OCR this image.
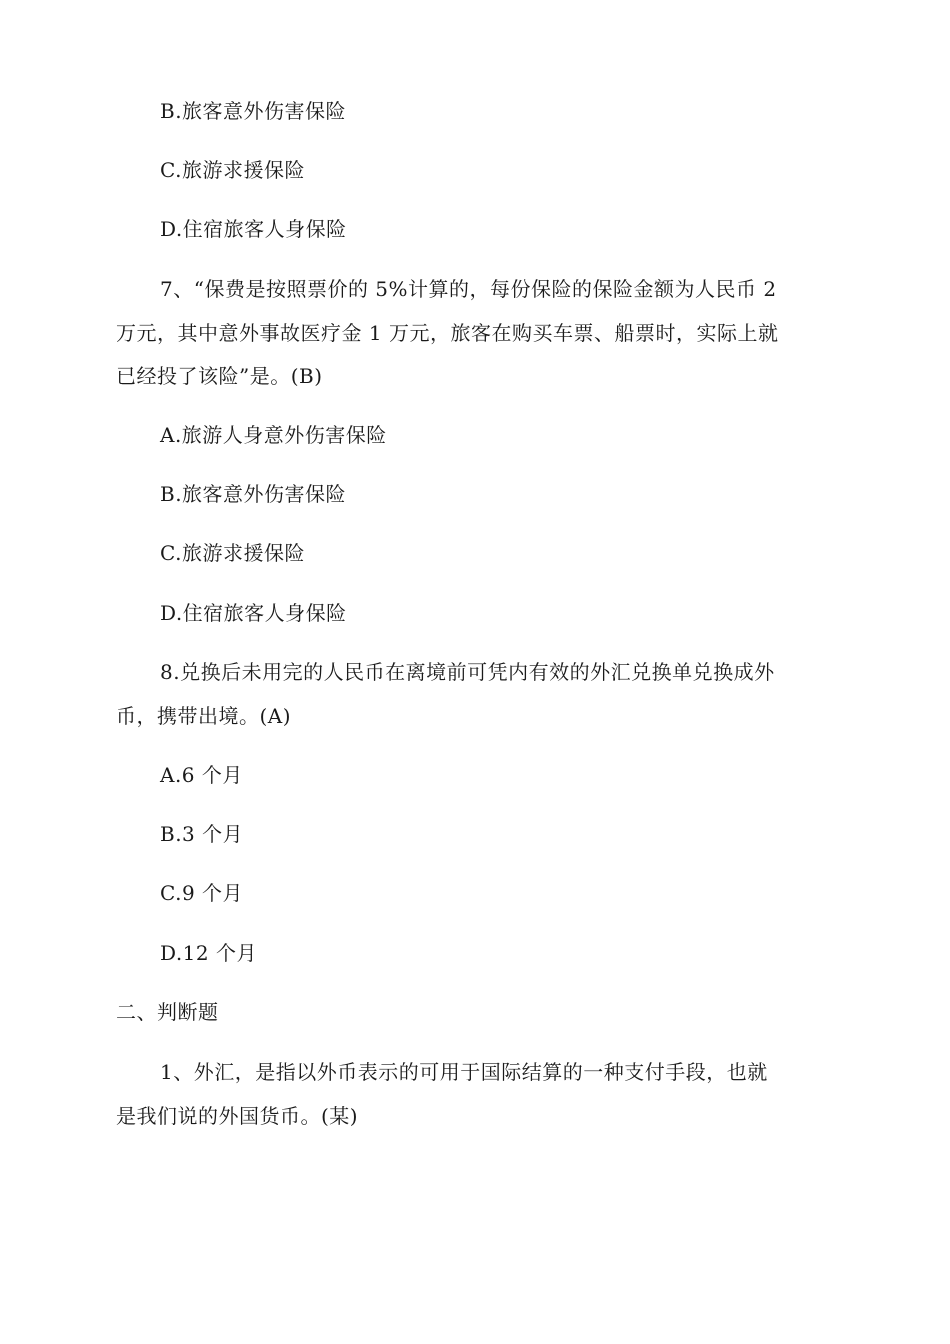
B.旅客意外伤害保险
C.旅游求援保险
D.住宿旅客人身保险
7、“保费是按照票价的 5%计算的，每份保险的保险金额为人民币 2
万元，其中意外事故医疗金 1 万元，旅客在购买车票、船票时，实际上就
已经投了该险”是。(B)
A.旅游人身意外伤害保险
B.旅客意外伤害保险
C.旅游求援保险
D.住宿旅客人身保险
8.兑换后未用完的人民币在离境前可凭内有效的外汇兑换单兑换成外
币，携带出境。(A)
A.6 个月
B.3 个月
C.9 个月
D.12 个月
二、判断题
1、外汇，是指以外币表示的可用于国际结算的一种支付手段，也就
是我们说的外国货币。(某)
